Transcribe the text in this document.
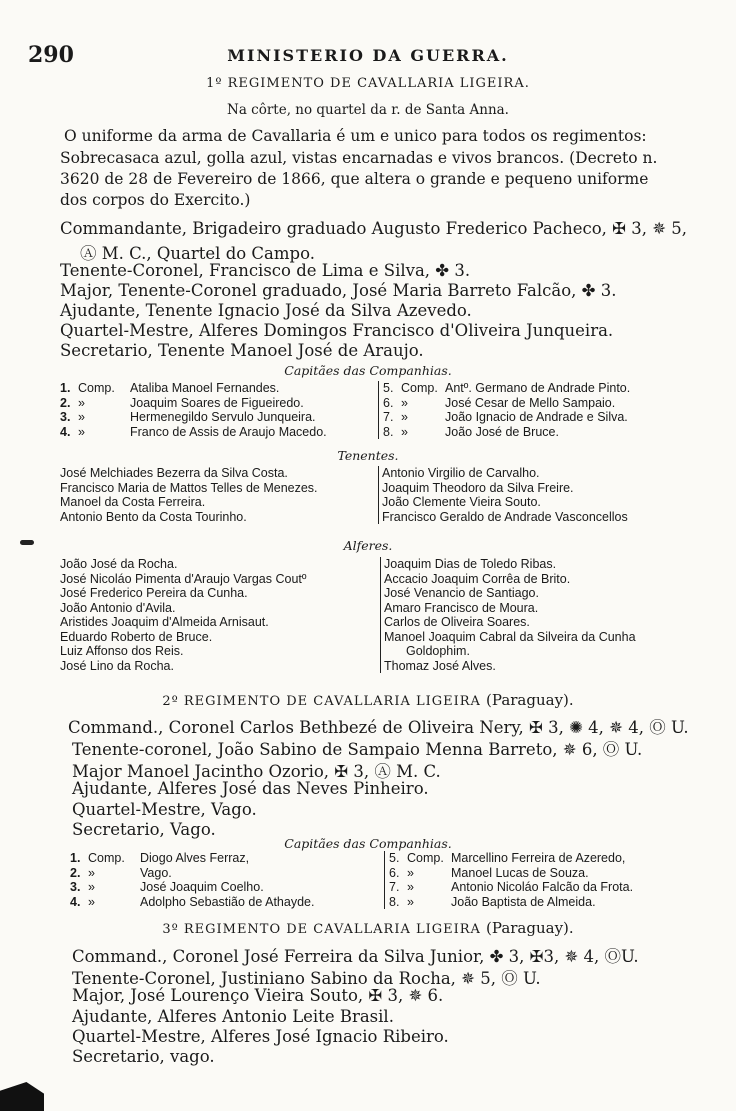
290	MINISTERIO DA GUERRA.
1º REGIMENTO DE CAVALLARIA LIGEIRA.
Na côrte, no quartel da r. de Santa Anna.
O uniforme da arma de Cavallaria é um e unico para todos os regimentos:
Sobrecasaca azul, golla azul, vistas encarnadas e vivos brancos. (Decreto n.
3620 de 28 de Fevereiro de 1866, que altera o grande e pequeno uniforme
dos corpos do Exercito.)
Commandante, Brigadeiro graduado Augusto Frederico Pacheco, ✠ 3, ✵ 5,
Ⓐ M. C., Quartel do Campo.
Tenente-Coronel, Francisco de Lima e Silva, ✤ 3.
Major, Tenente-Coronel graduado, José Maria Barreto Falcão, ✤ 3.
Ajudante, Tenente Ignacio José da Silva Azevedo.
Quartel-Mestre, Alferes Domingos Francisco d'Oliveira Junqueira.
Secretario, Tenente Manoel José de Araujo.
Capitães das Companhias.
1. Comp. Ataliba Manoel Fernandes.
2. »	Joaquim Soares de Figueiredo.
3. »	Hermenegildo Servulo Junqueira.
4. »	Franco de Assis de Araujo Macedo.
5. Comp. Antº. Germano de Andrade Pinto.
6. »	José Cesar de Mello Sampaio.
7. »	João Ignacio de Andrade e Silva.
8. »	João José de Bruce.
Tenentes.
José Melchiades Bezerra da Silva Costa.
Francisco Maria de Mattos Telles de Menezes.
Manoel da Costa Ferreira.
Antonio Bento da Costa Tourinho.
Antonio Virgilio de Carvalho.
Joaquim Theodoro da Silva Freire.
João Clemente Vieira Souto.
Francisco Geraldo de Andrade Vasconcellos
Alferes.
João José da Rocha.
José Nicoláo Pimenta d'Araujo Vargas Coutº
José Frederico Pereira da Cunha.
João Antonio d'Avila.
Aristides Joaquim d'Almeida Arnisaut.
Eduardo Roberto de Bruce.
Luiz Affonso dos Reis.
José Lino da Rocha.
Joaquim Dias de Toledo Ribas.
Accacio Joaquim Corrêa de Brito.
José Venancio de Santiago.
Amaro Francisco de Moura.
Carlos de Oliveira Soares.
Manoel Joaquim Cabral da Silveira da Cunha
Goldophim.
Thomaz José Alves.
2º REGIMENTO DE CAVALLARIA LIGEIRA (Paraguay).
Command., Coronel Carlos Bethbezé de Oliveira Nery, ✠ 3, ✺ 4, ✵ 4, Ⓞ U.
Tenente-coronel, João Sabino de Sampaio Menna Barreto, ✵ 6, Ⓞ U.
Major Manoel Jacintho Ozorio, ✠ 3, Ⓐ M. C.
Ajudante, Alferes José das Neves Pinheiro.
Quartel-Mestre, Vago.
Secretario, Vago.
Capitães das Companhias.
1. Comp. Diogo Alves Ferraz,
2. »	Vago.
3. »	José Joaquim Coelho.
4. »	Adolpho Sebastião de Athayde.
5. Comp. Marcellino Ferreira de Azeredo,
6. »	Manoel Lucas de Souza.
7. »	Antonio Nicoláo Falcão da Frota.
8. »	João Baptista de Almeida.
3º REGIMENTO DE CAVALLARIA LIGEIRA (Paraguay).
Command., Coronel José Ferreira da Silva Junior, ✤ 3, ✠3, ✵ 4, ⓄU.
Tenente-Coronel, Justiniano Sabino da Rocha, ✵ 5, Ⓞ U.
Major, José Lourenço Vieira Souto, ✠ 3, ✵ 6.
Ajudante, Alferes Antonio Leite Brasil.
Quartel-Mestre, Alferes José Ignacio Ribeiro.
Secretario, vago.
